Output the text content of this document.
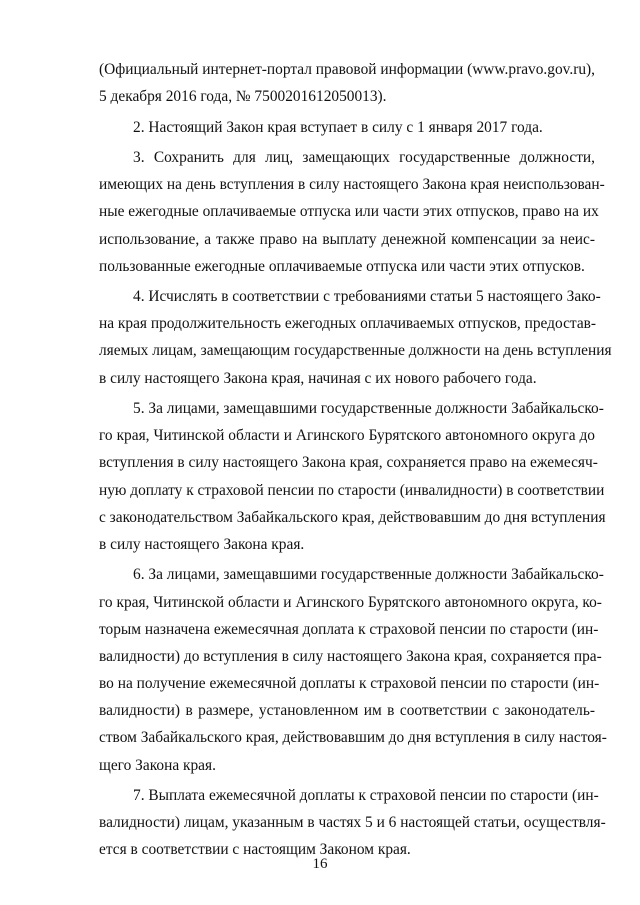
(Официальный интернет-портал правовой информации (www.pravo.gov.ru),
5 декабря 2016 года, № 7500201612050013).
2. Настоящий Закон края вступает в силу с 1 января 2017 года.
3. Сохранить для лиц, замещающих государственные должности,
имеющих на день вступления в силу настоящего Закона края неиспользован-
ные ежегодные оплачиваемые отпуска или части этих отпусков, право на их
использование, а также право на выплату денежной компенсации за неис-
пользованные ежегодные оплачиваемые отпуска или части этих отпусков.
4. Исчислять в соответствии с требованиями статьи 5 настоящего Зако-
на края продолжительность ежегодных оплачиваемых отпусков, предостав-
ляемых лицам, замещающим государственные должности на день вступления
в силу настоящего Закона края, начиная с их нового рабочего года.
5. За лицами, замещавшими государственные должности Забайкальско-
го края, Читинской области и Агинского Бурятского автономного округа до
вступления в силу настоящего Закона края, сохраняется право на ежемесяч-
ную доплату к страховой пенсии по старости (инвалидности) в соответствии
с законодательством Забайкальского края, действовавшим до дня вступления
в силу настоящего Закона края.
6. За лицами, замещавшими государственные должности Забайкальско-
го края, Читинской области и Агинского Бурятского автономного округа, ко-
торым назначена ежемесячная доплата к страховой пенсии по старости (ин-
валидности) до вступления в силу настоящего Закона края, сохраняется пра-
во на получение ежемесячной доплаты к страховой пенсии по старости (ин-
валидности) в размере, установленном им в соответствии с законодатель-
ством Забайкальского края, действовавшим до дня вступления в силу настоя-
щего Закона края.
7. Выплата ежемесячной доплаты к страховой пенсии по старости (ин-
валидности) лицам, указанным в частях 5 и 6 настоящей статьи, осуществля-
ется в соответствии с настоящим Законом края.
16
